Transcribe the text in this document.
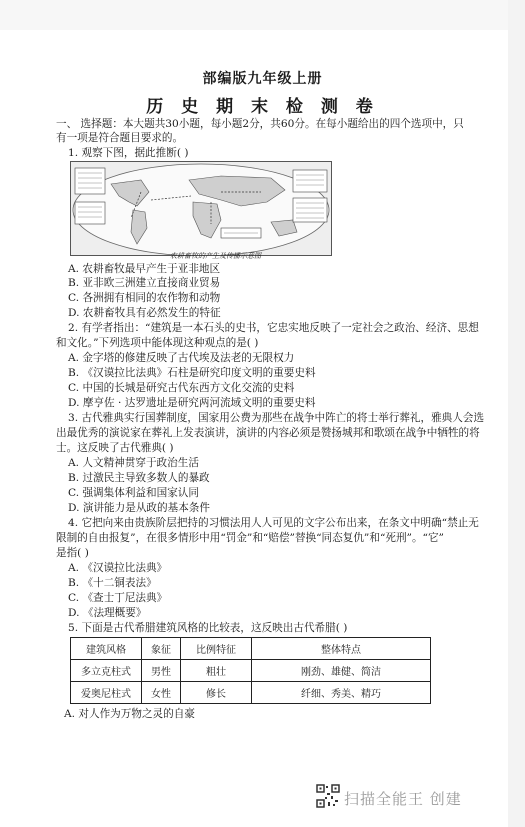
部编版九年级上册
历 史 期 末 检 测 卷
一、 选择题：本大题共30小题，每小题2分，共60分。在每小题给出的四个选项中，只
有一项是符合题目要求的。
1. 观察下图，据此推断( )
农耕畜牧的产生及传播示意图
A. 农耕畜牧最早产生于亚非地区
B. 亚非欧三洲建立直接商业贸易
C. 各洲拥有相同的农作物和动物
D. 农耕畜牧具有必然发生的特征
2. 有学者指出：“建筑是一本石头的史书，它忠实地反映了一定社会之政治、经济、思想
和文化。”下列选项中能体现这种观点的是( )
A. 金字塔的修建反映了古代埃及法老的无限权力
B. 《汉谟拉比法典》石柱是研究印度文明的重要史料
C. 中国的长城是研究古代东西方文化交流的史料
D. 摩亨佐 · 达罗遗址是研究两河流域文明的重要史料
3. 古代雅典实行国葬制度，国家用公费为那些在战争中阵亡的将士举行葬礼，雅典人会选
出最优秀的演说家在葬礼上发表演讲，演讲的内容必须是赞扬城邦和歌颂在战争中牺牲的将
士。这反映了古代雅典( )
A. 人文精神贯穿于政治生活
B. 过激民主导致多数人的暴政
C. 强调集体利益和国家认同
D. 演讲能力是从政的基本条件
4. 它把向来由贵族阶层把持的习惯法用人人可见的文字公布出来，在条文中明确“禁止无
限制的自由报复”，在很多情形中用“罚金”和“赔偿”替换“同态复仇”和“死刑”。“它”
是指( )
A. 《汉谟拉比法典》
B. 《十二铜表法》
C. 《查士丁尼法典》
D. 《法理概要》
5. 下面是古代希腊建筑风格的比较表，这反映出古代希腊( )
建筑风格	象征	比例特征	整体特点
多立克柱式	男性	粗壮	刚劲、雄健、简洁
爱奥尼柱式	女性	修长	纤细、秀美、精巧
A. 对人作为万物之灵的自豪
扫描全能王 创建
